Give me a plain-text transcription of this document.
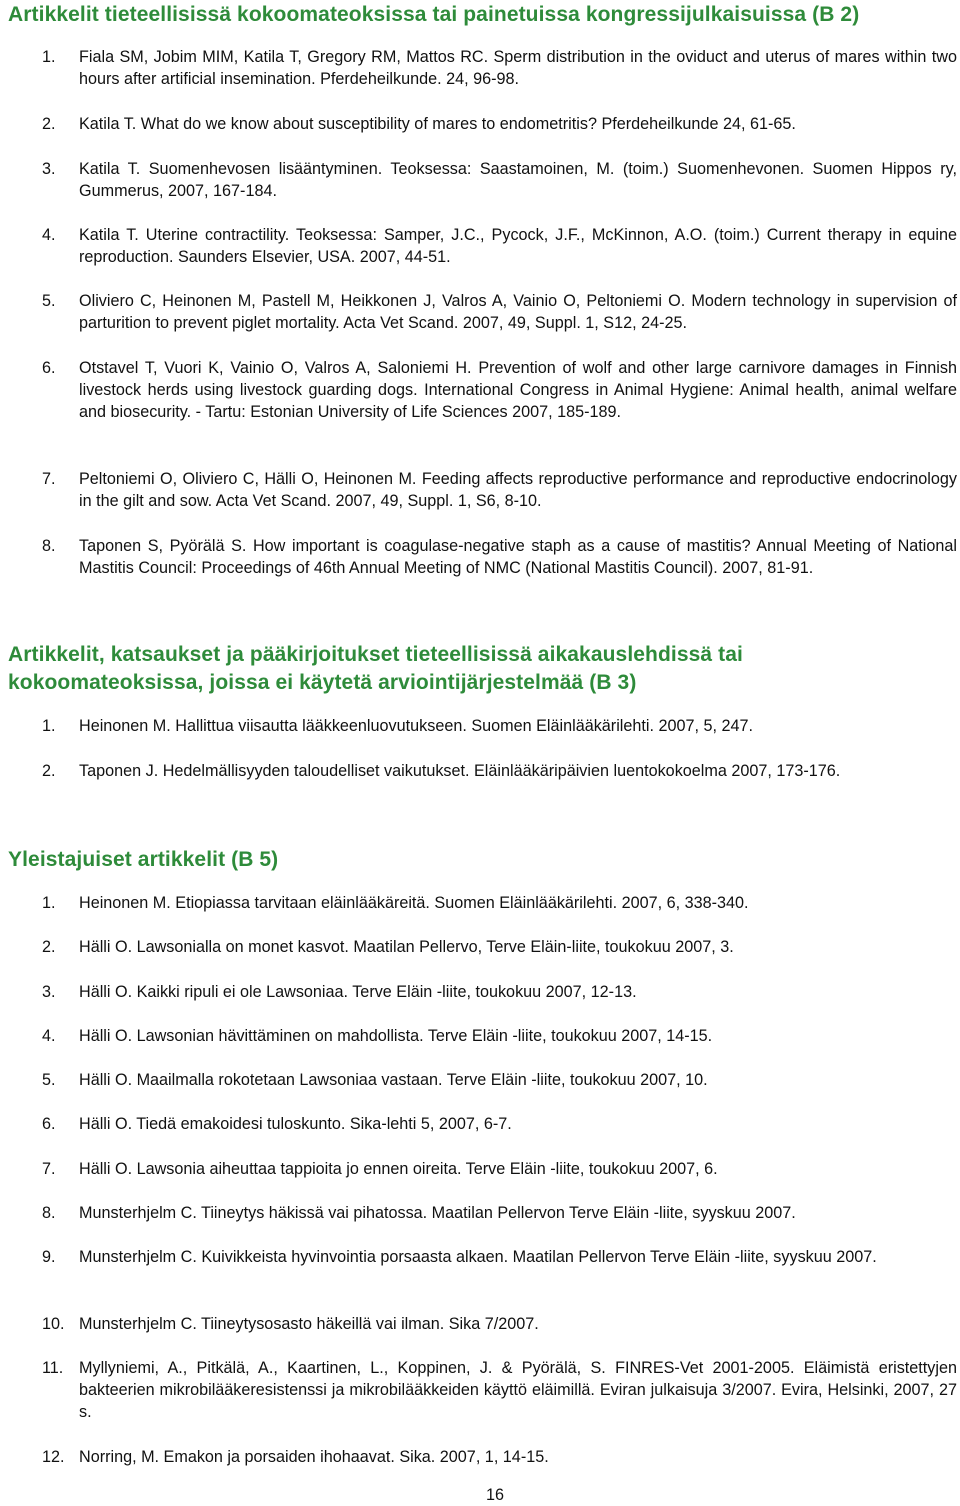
Artikkelit tieteellisissä kokoomateoksissa tai painetuissa kongressijulkaisuissa (B 2)
1. Fiala SM, Jobim MIM, Katila T, Gregory RM, Mattos RC. Sperm distribution in the oviduct and uterus of mares within two hours after artificial insemination. Pferdeheilkunde. 24, 96-98.
2. Katila T. What do we know about susceptibility of mares to endometritis? Pferdeheilkunde 24, 61-65.
3. Katila T. Suomenhevosen lisääntyminen. Teoksessa: Saastamoinen, M. (toim.) Suomenhevonen. Suomen Hippos ry, Gummerus, 2007, 167-184.
4. Katila T. Uterine contractility. Teoksessa: Samper, J.C., Pycock, J.F., McKinnon, A.O. (toim.) Current therapy in equine reproduction. Saunders Elsevier, USA. 2007, 44-51.
5. Oliviero C, Heinonen M, Pastell M, Heikkonen J, Valros A, Vainio O, Peltoniemi O. Modern technology in supervision of parturition to prevent piglet mortality. Acta Vet Scand. 2007, 49, Suppl. 1, S12, 24-25.
6. Otstavel T, Vuori K, Vainio O, Valros A, Saloniemi H. Prevention of wolf and other large carnivore damages in Finnish livestock herds using livestock guarding dogs. International Congress in Animal Hygiene: Animal health, animal welfare and biosecurity. - Tartu: Estonian University of Life Sciences 2007, 185-189.
7. Peltoniemi O, Oliviero C, Hälli O, Heinonen M. Feeding affects reproductive performance and reproductive endocrinology in the gilt and sow. Acta Vet Scand. 2007, 49, Suppl. 1, S6, 8-10.
8. Taponen S, Pyörälä S. How important is coagulase-negative staph as a cause of mastitis? Annual Meeting of National Mastitis Council: Proceedings of 46th Annual Meeting of NMC (National Mastitis Council). 2007, 81-91.
Artikkelit, katsaukset ja pääkirjoitukset tieteellisissä aikakauslehdissä tai kokoomateoksissa, joissa ei käytetä arviointijärjestelmää (B 3)
1. Heinonen M. Hallittua viisautta lääkkeenluovutukseen. Suomen Eläinlääkärilehti. 2007, 5, 247.
2. Taponen J. Hedelmällisyyden taloudelliset vaikutukset. Eläinlääkäripäivien luentokokoelma 2007, 173-176.
Yleistajuiset artikkelit (B 5)
1. Heinonen M. Etiopiassa tarvitaan eläinlääkäreitä. Suomen Eläinlääkärilehti. 2007, 6, 338-340.
2. Hälli O. Lawsonialla on monet kasvot. Maatilan Pellervo, Terve Eläin-liite, toukokuu 2007, 3.
3. Hälli O. Kaikki ripuli ei ole Lawsoniaa. Terve Eläin -liite, toukokuu 2007, 12-13.
4. Hälli O. Lawsonian hävittäminen on mahdollista. Terve Eläin -liite, toukokuu 2007, 14-15.
5. Hälli O. Maailmalla rokotetaan Lawsoniaa vastaan. Terve Eläin -liite, toukokuu 2007, 10.
6. Hälli O. Tiedä emakoidesi tuloskunto. Sika-lehti 5, 2007, 6-7.
7. Hälli O. Lawsonia aiheuttaa tappioita jo ennen oireita. Terve Eläin -liite, toukokuu 2007, 6.
8. Munsterhjelm C. Tiineytys häkissä vai pihatossa. Maatilan Pellervon Terve Eläin -liite, syyskuu 2007.
9. Munsterhjelm C. Kuivikkeista hyvinvointia porsaasta alkaen. Maatilan Pellervon Terve Eläin -liite, syyskuu 2007.
10. Munsterhjelm C. Tiineytysosasto häkeillä vai ilman. Sika 7/2007.
11. Myllyniemi, A., Pitkälä, A., Kaartinen, L., Koppinen, J. & Pyörälä, S. FINRES-Vet 2001-2005. Eläimistä eristettyjen bakteerien mikrobilääkeresistenssi ja mikrobilääkkeiden käyttö eläimillä. Eviran julkaisuja 3/2007. Evira, Helsinki, 2007, 27 s.
12. Norring, M. Emakon ja porsaiden ihohaavat. Sika. 2007, 1, 14-15.
16
